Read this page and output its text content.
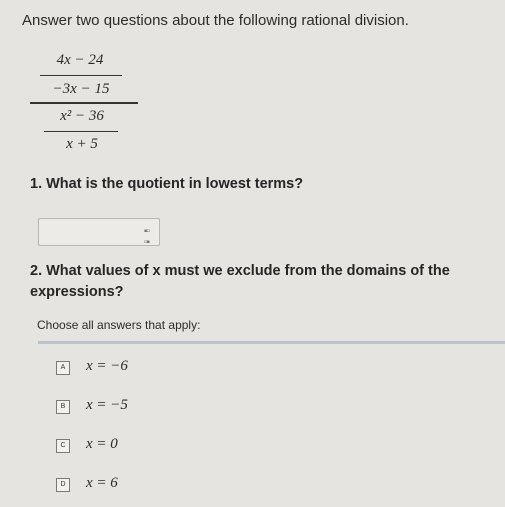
Answer two questions about the following rational division.
4x − 24
−3x − 15
x² − 36
x + 5
1. What is the quotient in lowest terms?
▪▫
▫▪
2. What values of x must we exclude from the domains of the expressions?
Choose all answers that apply:
A	x = −6
B	x = −5
C x = 0
D x = 6
